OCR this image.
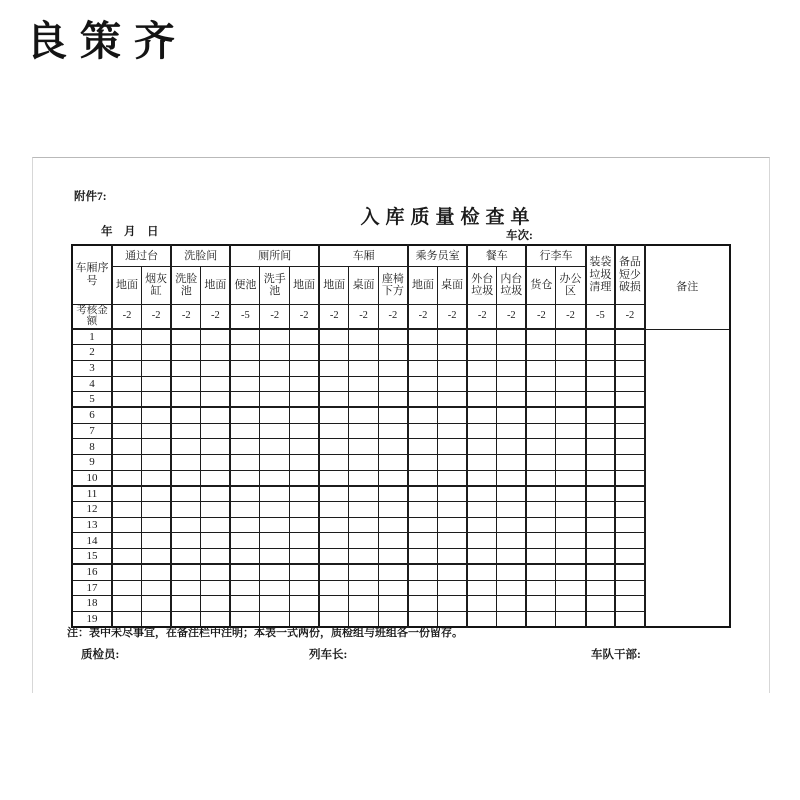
良策齐
附件7:
入库质量检查单
年　月　日	车次:
车厢序号	通过台		洗脸间		厕所间			车厢			乘务员室		餐车		行李车		装袋垃圾清理	备品短少破损	备注
	地面	烟灰缸	洗脸池	地面	便池	洗手池	地面	地面	桌面	座椅下方	地面	桌面	外台垃圾	内台垃圾	货仓	办公区			
考核金额	-2	-2	-2	-2	-5	-2	-2	-2	-2	-2	-2	-2	-2	-2	-2	-2	-5	-2	
1																			
2																			
3																			
4																			
5																			
6																			
7																			
8																			
9																			
10																			
11																			
12																			
13																			
14																			
15																			
16																			
17																			
18																			
19																			
注：表中未尽事宜，在备注栏中注明；本表一式两份，质检组与班组各一份留存。
质检员:	列车长:	车队干部:
